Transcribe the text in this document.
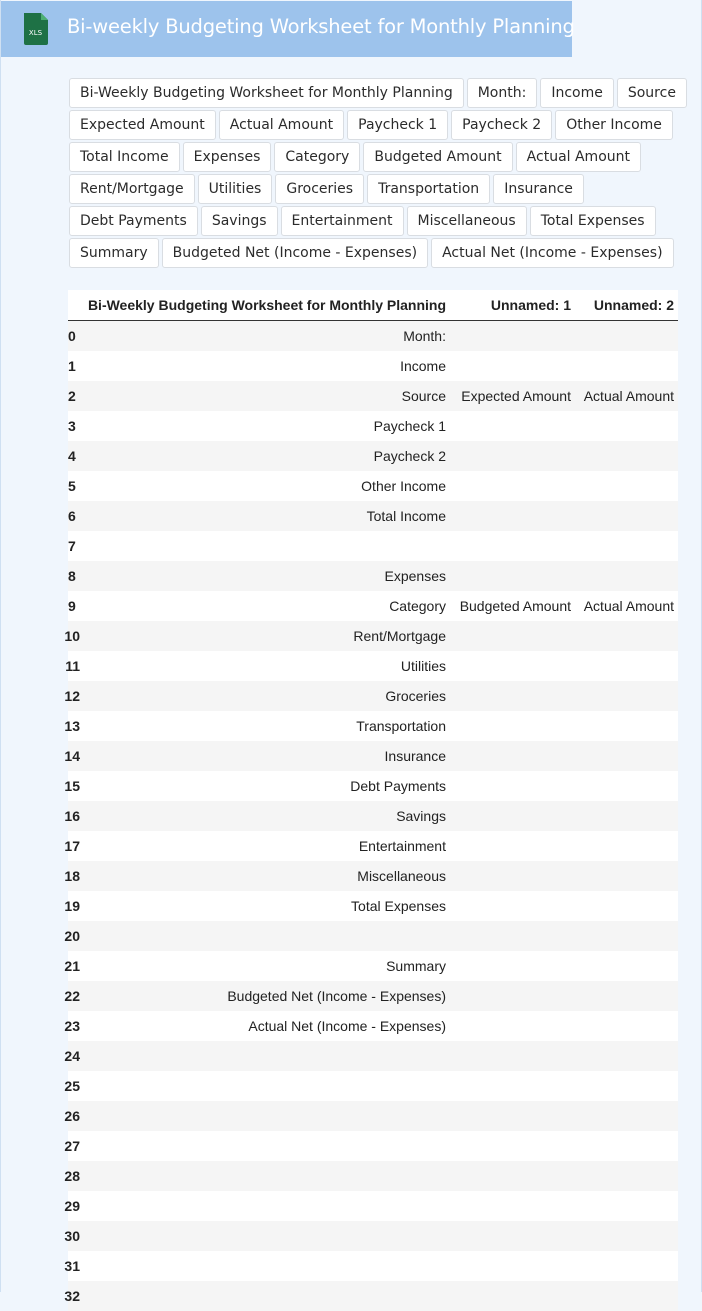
XLS Bi-weekly Budgeting Worksheet for Monthly Planning
Bi-Weekly Budgeting Worksheet for Monthly Planning	Month:	Income	Source
Expected Amount	Actual Amount	Paycheck 1	Paycheck 2	Other Income
Total Income	Expenses	Category	Budgeted Amount	Actual Amount
Rent/Mortgage	Utilities	Groceries	Transportation	Insurance
Debt Payments	Savings	Entertainment	Miscellaneous	Total Expenses
Summary	Budgeted Net (Income - Expenses)	Actual Net (Income - Expenses)
	Bi-Weekly Budgeting Worksheet for Monthly Planning	Unnamed: 1	Unnamed: 2
0	Month:		
1	Income		
2	Source	Expected Amount	Actual Amount
3	Paycheck 1		
4	Paycheck 2		
5	Other Income		
6	Total Income		
7			
8	Expenses		
9	Category	Budgeted Amount	Actual Amount
10	Rent/Mortgage		
11	Utilities		
12	Groceries		
13	Transportation		
14	Insurance		
15	Debt Payments		
16	Savings		
17	Entertainment		
18	Miscellaneous		
19	Total Expenses		
20			
21	Summary		
22	Budgeted Net (Income - Expenses)		
23	Actual Net (Income - Expenses)		
24			
25			
26			
27			
28			
29			
30			
31			
32			
